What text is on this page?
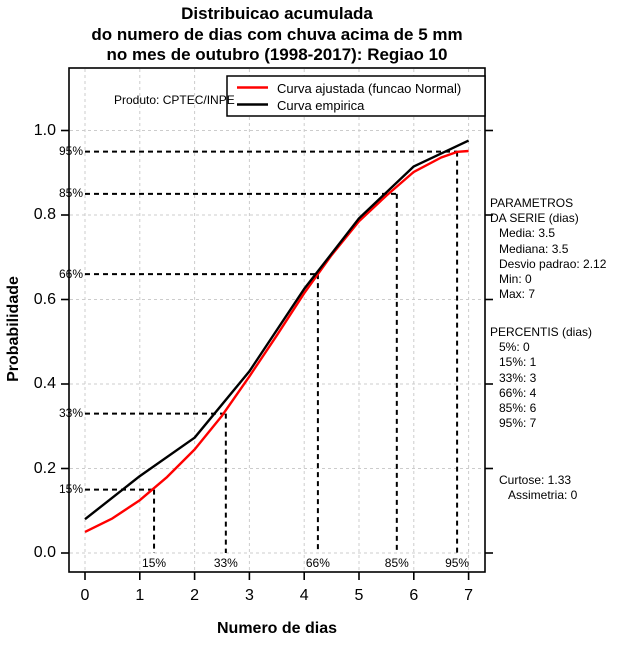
Distribuicao acumulada
do numero de dias com chuva acima de 5 mm
no mes de outubro (1998-2017): Regiao 10
Produto: CPTEC/INPE
Curva ajustada (funcao Normal)
Curva empirica
Probabilidade
Numero de dias
0.0
0.2
0.4
0.6
0.8
1.0
0	1	2	3	4	5	6	7
15%
33%
66%
85%
95%
15%	33%	66%	85%	95%
PARAMETROS
DA SERIE (dias)
Media: 3.5
Mediana: 3.5
Desvio padrao: 2.12
Min: 0
Max: 7
PERCENTIS (dias)
5%: 0
15%: 1
33%: 3
66%: 4
85%: 6
95%: 7
Curtose: 1.33
Assimetria: 0
